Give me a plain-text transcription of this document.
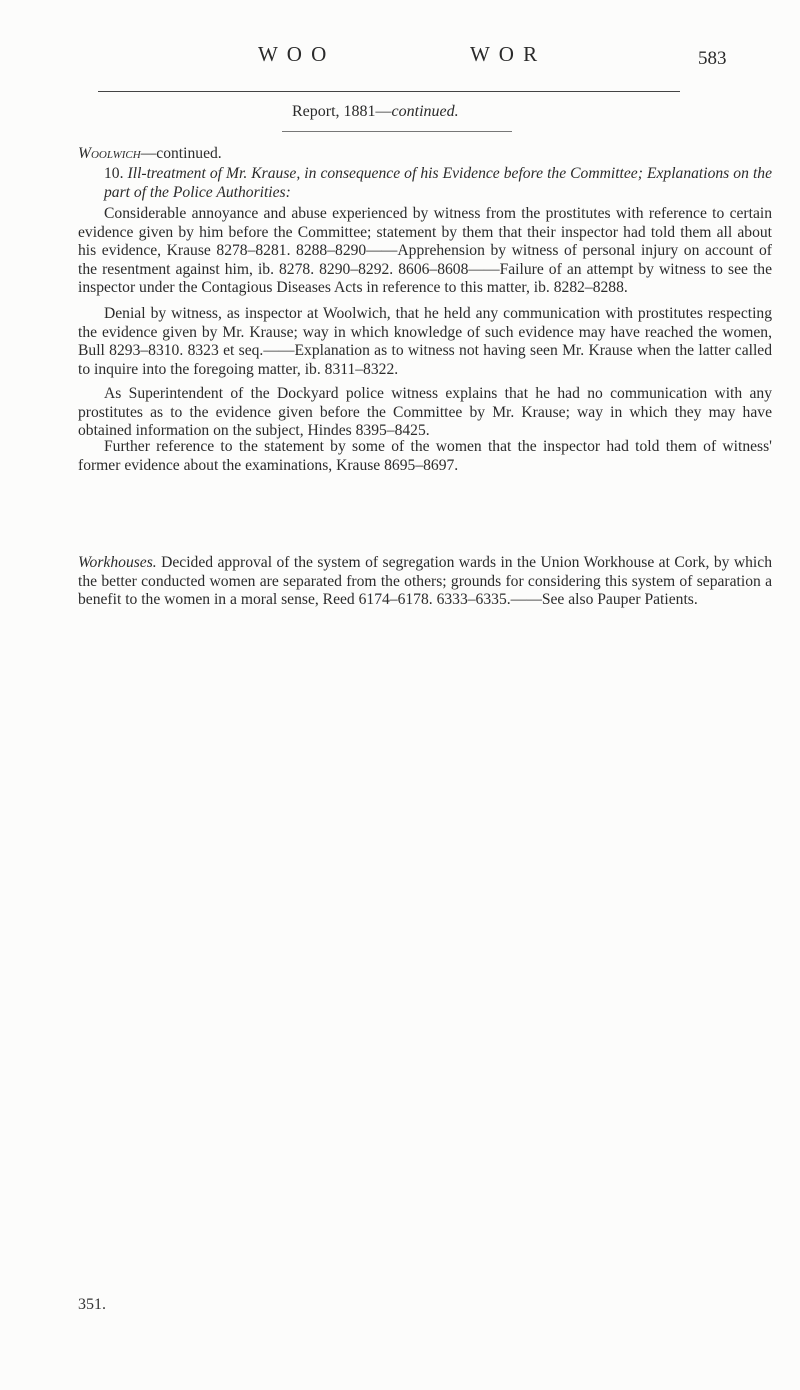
W O O	W O R	583
Report, 1881—continued.
Woolwich—continued.
10. Ill-treatment of Mr. Krause, in consequence of his Evidence before the Committee; Explanations on the part of the Police Authorities:
Considerable annoyance and abuse experienced by witness from the prostitutes with reference to certain evidence given by him before the Committee; statement by them that their inspector had told them all about his evidence, Krause 8278–8281. 8288–8290——Apprehension by witness of personal injury on account of the resentment against him, ib. 8278. 8290–8292. 8606–8608——Failure of an attempt by witness to see the inspector under the Contagious Diseases Acts in reference to this matter, ib. 8282–8288.
Denial by witness, as inspector at Woolwich, that he held any communication with prostitutes respecting the evidence given by Mr. Krause; way in which knowledge of such evidence may have reached the women, Bull 8293–8310. 8323 et seq.——Explanation as to witness not having seen Mr. Krause when the latter called to inquire into the foregoing matter, ib. 8311–8322.
As Superintendent of the Dockyard police witness explains that he had no communication with any prostitutes as to the evidence given before the Committee by Mr. Krause; way in which they may have obtained information on the subject, Hindes 8395–8425.
Further reference to the statement by some of the women that the inspector had told them of witness' former evidence about the examinations, Krause 8695–8697.
Workhouses. Decided approval of the system of segregation wards in the Union Workhouse at Cork, by which the better conducted women are separated from the others; grounds for considering this system of separation a benefit to the women in a moral sense, Reed 6174–6178. 6333–6335.——See also Pauper Patients.
351.
